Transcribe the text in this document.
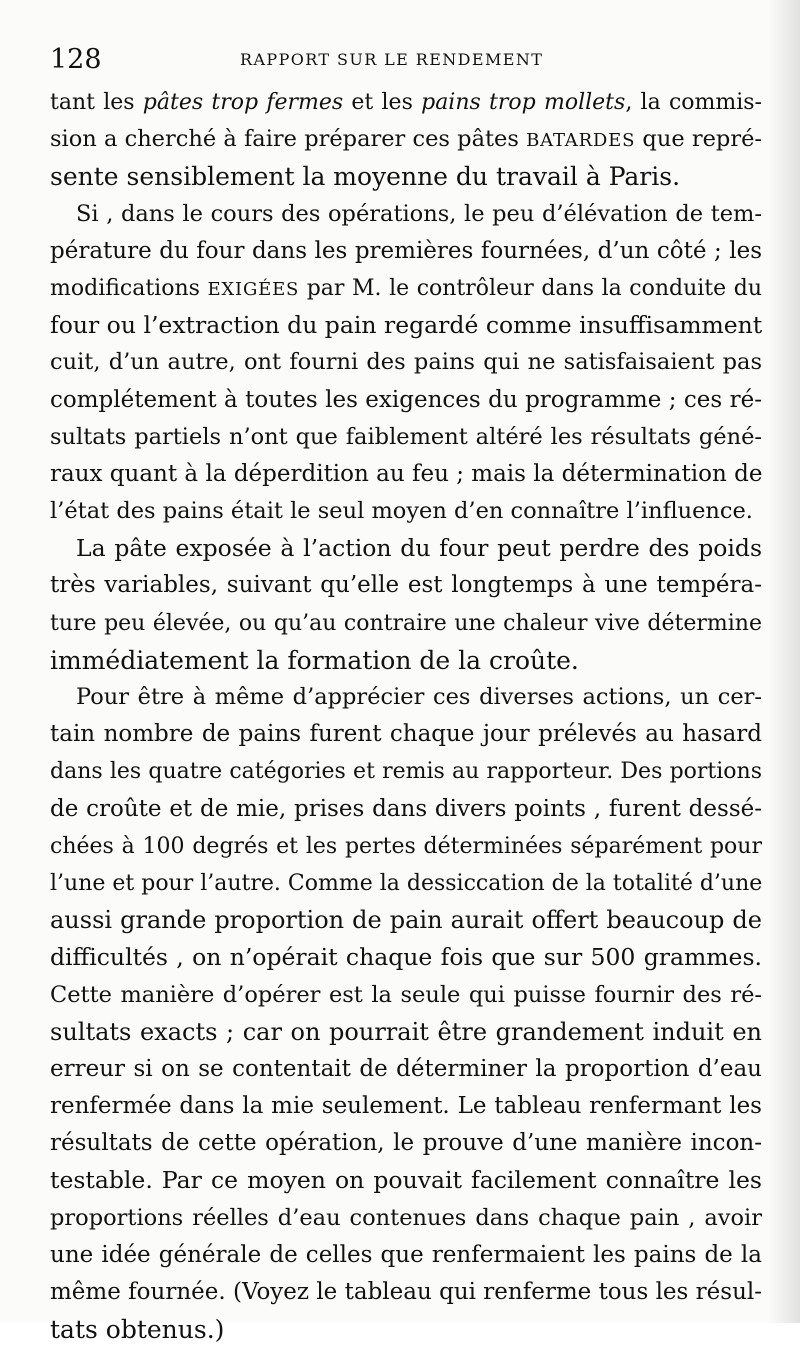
128	RAPPORT SUR LE RENDEMENT
tant les pâtes trop fermes et les pains trop mollets, la commis-
sion a cherché à faire préparer ces pâtes BATARDES que repré-
sente sensiblement la moyenne du travail à Paris.
Si , dans le cours des opérations, le peu d’élévation de tem-
pérature du four dans les premières fournées, d’un côté ; les
modifications EXIGÉES par M. le contrôleur dans la conduite du
four ou l’extraction du pain regardé comme insuffisamment
cuit, d’un autre, ont fourni des pains qui ne satisfaisaient pas
complétement à toutes les exigences du programme ; ces ré-
sultats partiels n’ont que faiblement altéré les résultats géné-
raux quant à la déperdition au feu ; mais la détermination de
l’état des pains était le seul moyen d’en connaître l’influence.
La pâte exposée à l’action du four peut perdre des poids
très variables, suivant qu’elle est longtemps à une tempéra-
ture peu élevée, ou qu’au contraire une chaleur vive détermine
immédiatement la formation de la croûte.
Pour être à même d’apprécier ces diverses actions, un cer-
tain nombre de pains furent chaque jour prélevés au hasard
dans les quatre catégories et remis au rapporteur. Des portions
de croûte et de mie, prises dans divers points , furent dessé-
chées à 100 degrés et les pertes déterminées séparément pour
l’une et pour l’autre. Comme la dessiccation de la totalité d’une
aussi grande proportion de pain aurait offert beaucoup de
difficultés , on n’opérait chaque fois que sur 500 grammes.
Cette manière d’opérer est la seule qui puisse fournir des ré-
sultats exacts ; car on pourrait être grandement induit en
erreur si on se contentait de déterminer la proportion d’eau
renfermée dans la mie seulement. Le tableau renfermant les
résultats de cette opération, le prouve d’une manière incon-
testable. Par ce moyen on pouvait facilement connaître les
proportions réelles d’eau contenues dans chaque pain , avoir
une idée générale de celles que renfermaient les pains de la
même fournée. (Voyez le tableau qui renferme tous les résul-
tats obtenus.)
